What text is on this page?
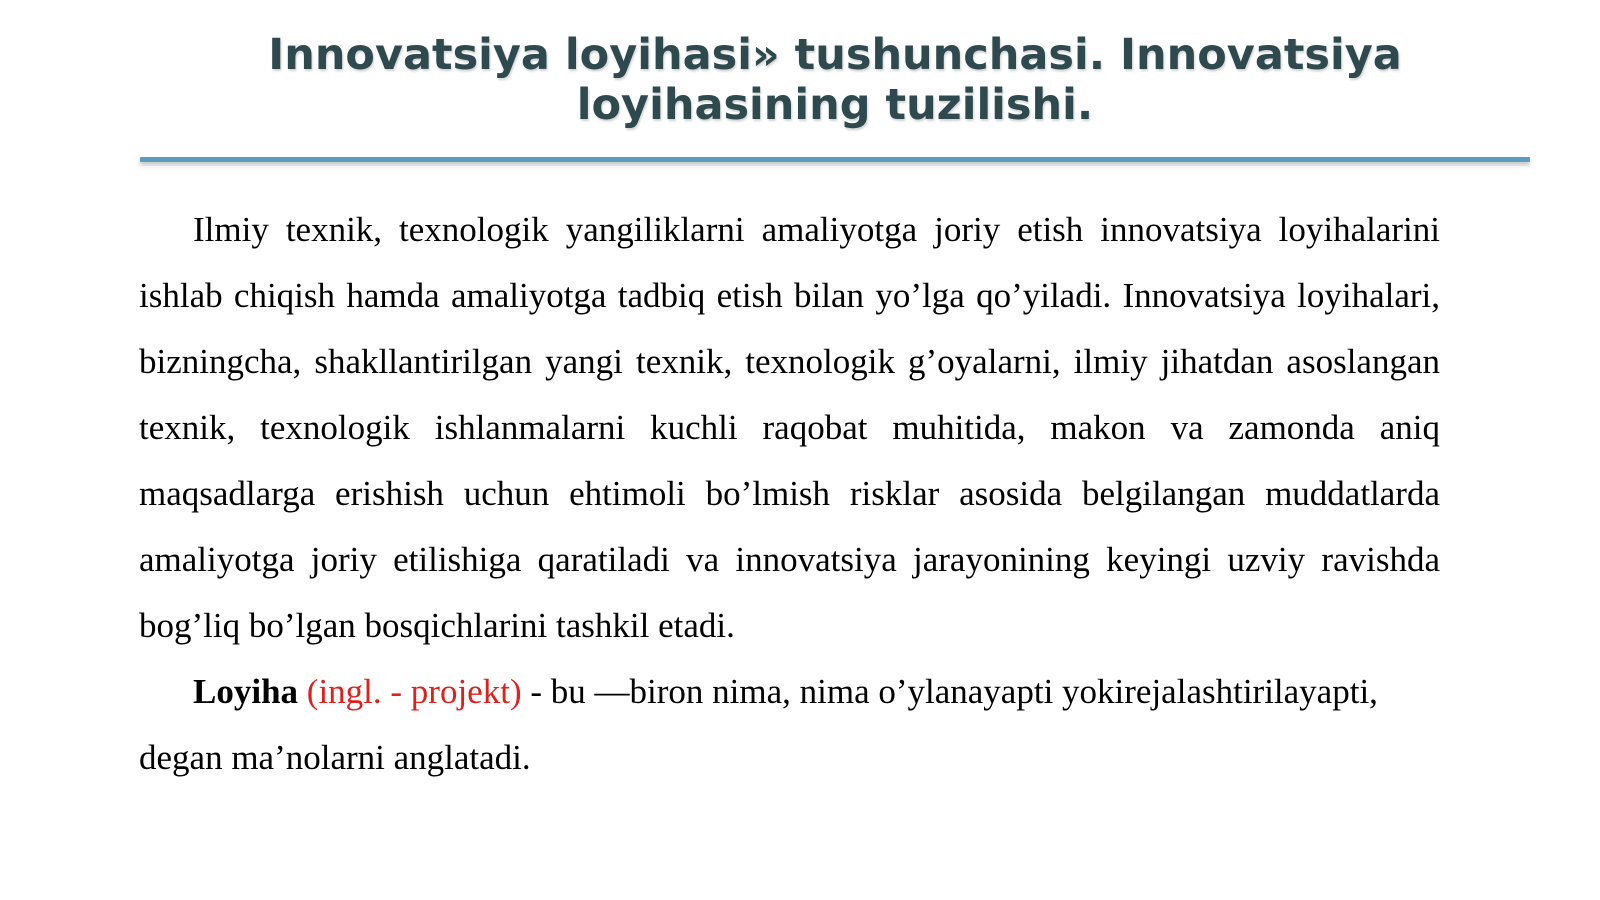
Innovatsiya loyihasi» tushunchasi. Innovatsiya loyihasining tuzilishi.

Ilmiy texnik, texnologik yangiliklarni amaliyotga joriy etish innovatsiya loyihalarini ishlab chiqish hamda amaliyotga tadbiq etish bilan yo’lga qo’yiladi. Innovatsiya loyihalari, bizningcha, shakllantirilgan yangi texnik, texnologik g’oyalarni, ilmiy jihatdan asoslangan texnik, texnologik ishlanmalarni kuchli raqobat muhitida, makon va zamonda aniq maqsadlarga erishish uchun ehtimoli bo’lmish risklar asosida belgilangan muddatlarda amaliyotga joriy etilishiga qaratiladi va innovatsiya jarayonining keyingi uzviy ravishda bog’liq bo’lgan bosqichlarini tashkil etadi.

Loyiha (ingl. - projekt) - bu —biron nima, nima o’ylanayapti yokirejalashtirilayapti, degan ma’nolarni anglatadi.
